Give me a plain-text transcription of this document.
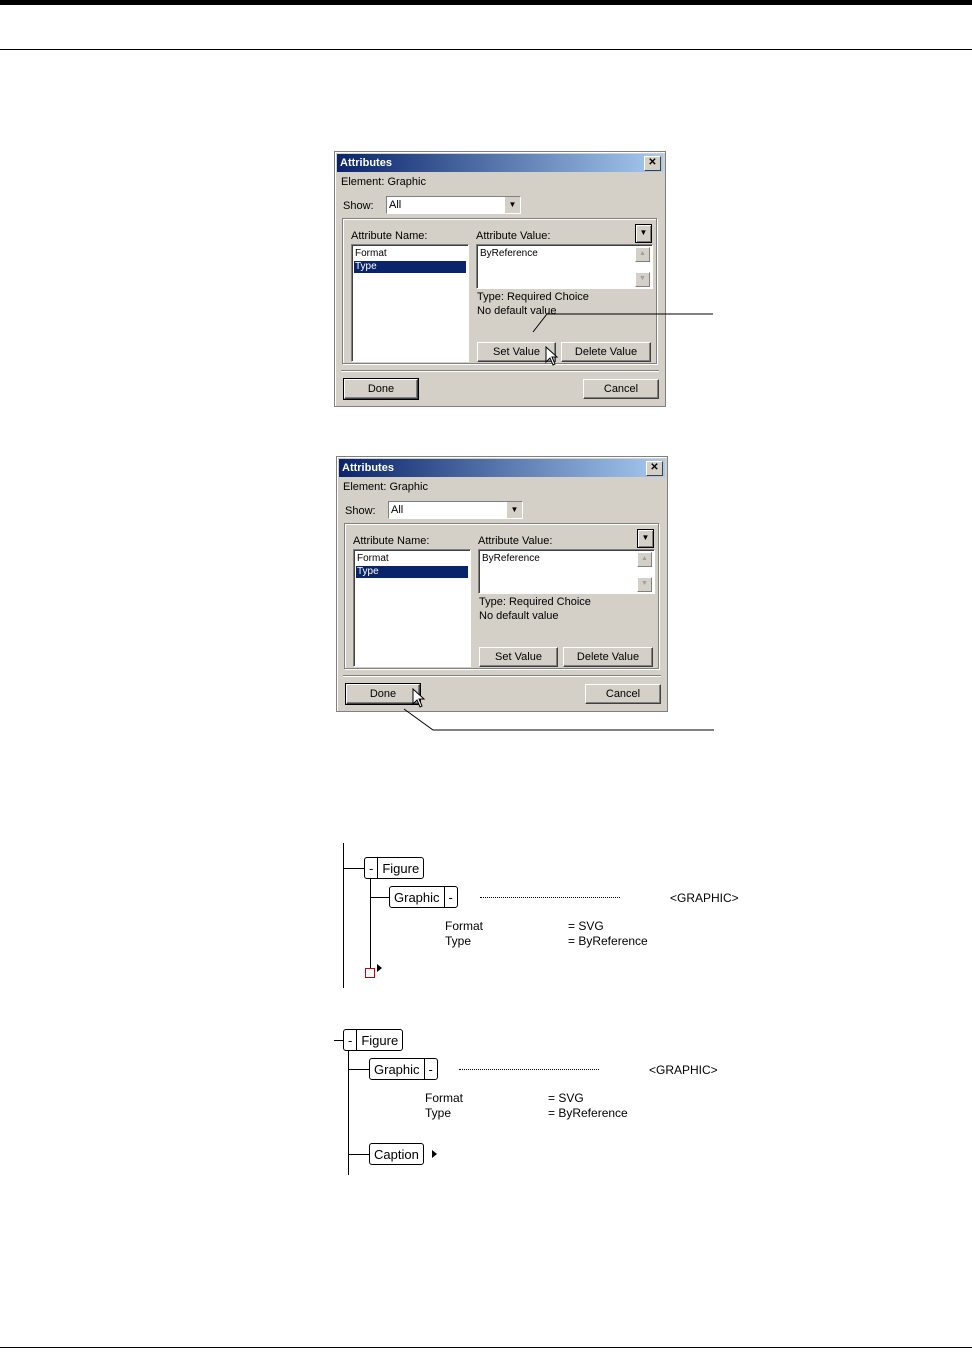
Attributes	✕
Element: Graphic
Show: All	▼
Attribute Name:
Format
Type
Attribute Value:	▼
ByReference	▲
▼
Type: Required Choice
No default value
Set Value	Delete Value
Done	Cancel
Attributes	✕
Element: Graphic
Show: All	▼
Attribute Name:
Format
Type
Attribute Value:	▼
ByReference	▲
▼
Type: Required Choice
No default value
Set Value	Delete Value
Done	Cancel
- Figure
Graphic -	<GRAPHIC>
Format	= SVG
Type	= ByReference
- Figure
Graphic -	<GRAPHIC>
Format	= SVG
Type	= ByReference
Caption
